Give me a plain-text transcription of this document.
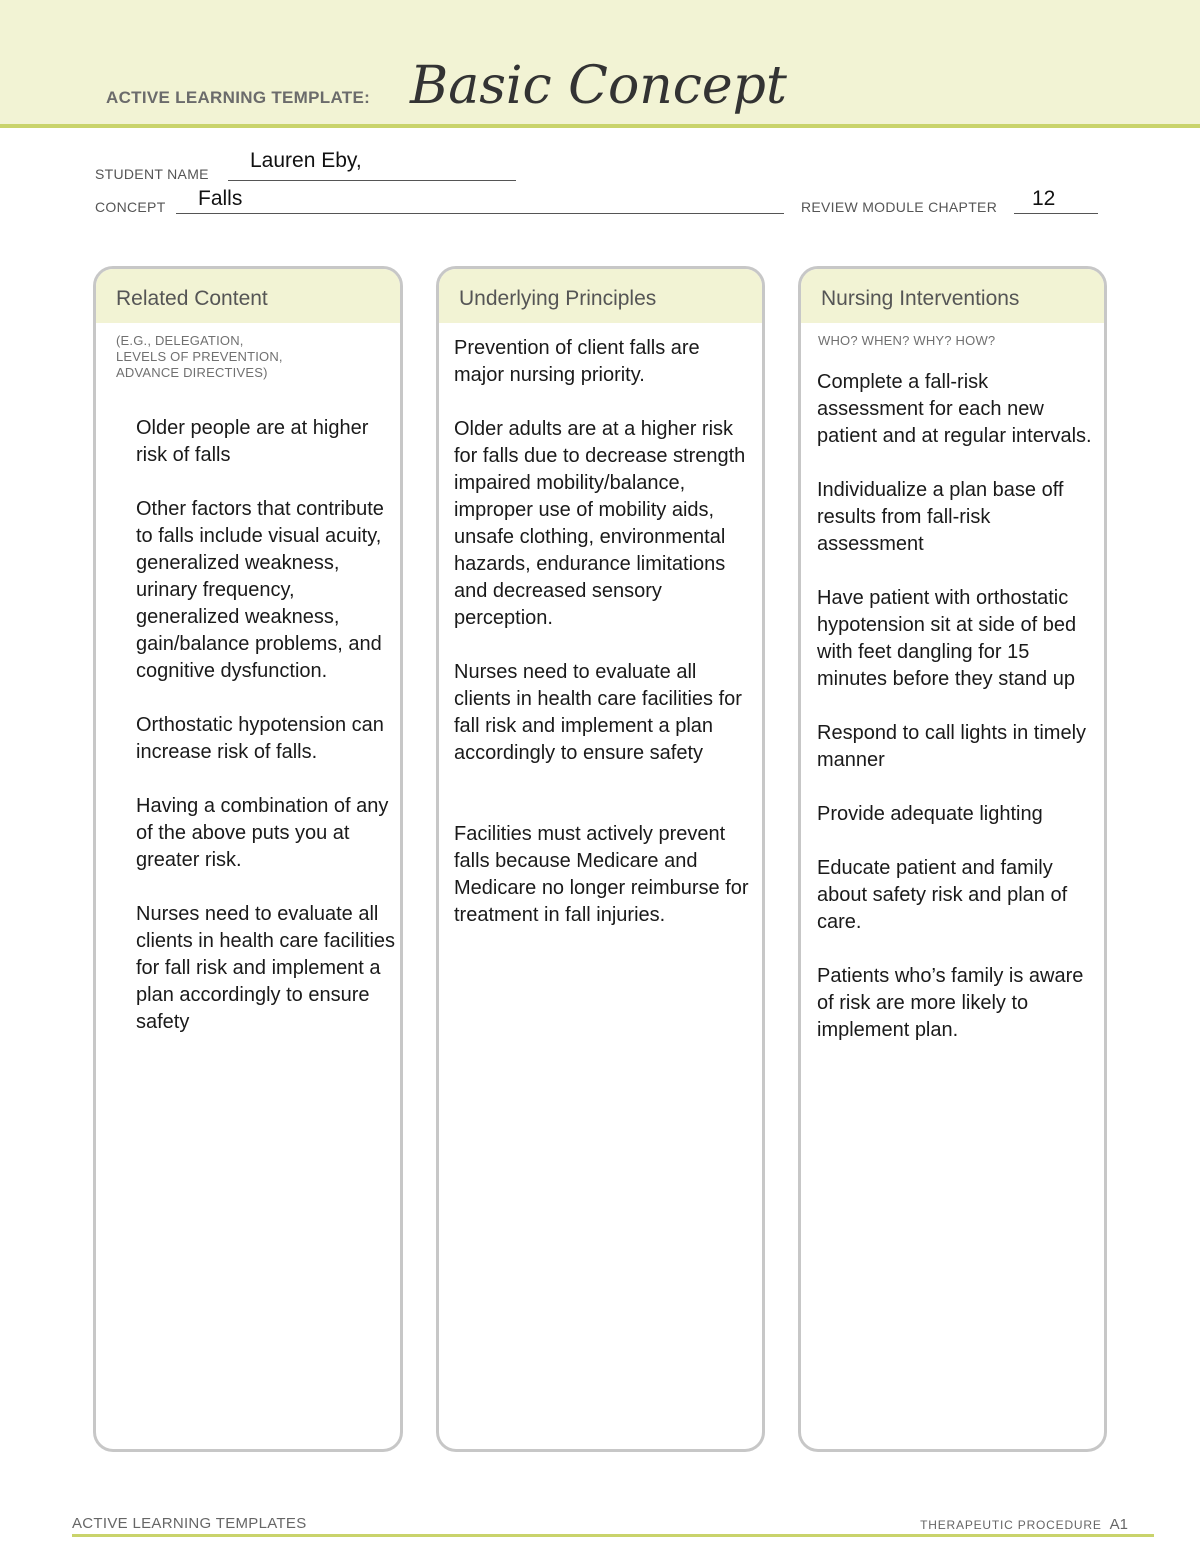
ACTIVE LEARNING TEMPLATE: Basic Concept
STUDENT NAME
Lauren Eby,
CONCEPT Falls	REVIEW MODULE CHAPTER 12
Related Content
(E.G., DELEGATION,
LEVELS OF PREVENTION,
ADVANCE DIRECTIVES)

Older people are at higher risk of falls

Other factors that contribute to falls include visual acuity, generalized weakness, urinary frequency, generalized weakness, gain/balance problems, and cognitive dysfunction.

Orthostatic hypotension can increase risk of falls.

Having a combination of any of the above puts you at greater risk.

Nurses need to evaluate all clients in health care facilities for fall risk and implement a plan accordingly to ensure safety

Underlying Principles

Prevention of client falls are major nursing priority.

Older adults are at a higher risk for falls due to decrease strength impaired mobility/balance, improper use of mobility aids, unsafe clothing, environmental hazards, endurance limitations and decreased sensory perception.

Nurses need to evaluate all clients in health care facilities for fall risk and implement a plan accordingly to ensure safety

Facilities must actively prevent falls because Medicare and Medicare no longer reimburse for treatment in fall injuries.

Nursing Interventions
WHO? WHEN? WHY? HOW?

Complete a fall-risk assessment for each new patient and at regular intervals.

Individualize a plan base off results from fall-risk assessment

Have patient with orthostatic hypotension sit at side of bed with feet dangling for 15 minutes before they stand up

Respond to call lights in timely manner

Provide adequate lighting

Educate patient and family about safety risk and plan of care.

Patients who’s family is aware of risk are more likely to implement plan.

ACTIVE LEARNING TEMPLATES	THERAPEUTIC PROCEDURE A1
